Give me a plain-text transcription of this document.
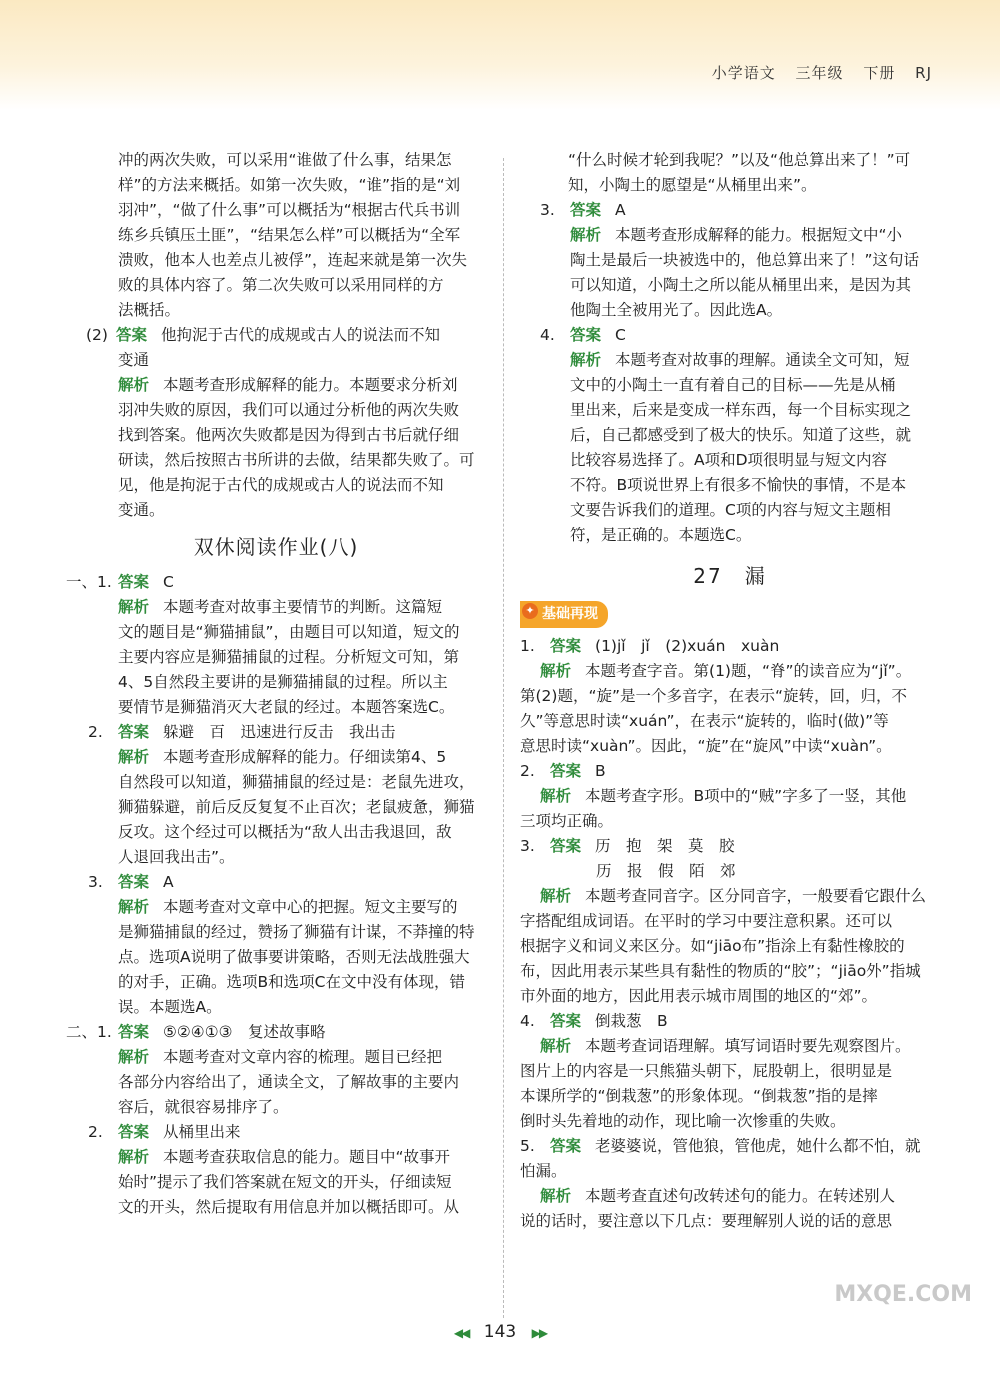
小学语文 三年级 下册 RJ
冲的两次失败，可以采用“谁做了什么事，结果怎
样”的方法来概括。如第一次失败，“谁”指的是“刘
羽冲”，“做了什么事”可以概括为“根据古代兵书训
练乡兵镇压土匪”，“结果怎么样”可以概括为“全军
溃败，他本人也差点儿被俘”，连起来就是第一次失
败的具体内容了。第二次失败可以采用同样的方
法概括。
(2) 答案 他拘泥于古代的成规或古人的说法而不知
变通
解析 本题考查形成解释的能力。本题要求分析刘
羽冲失败的原因，我们可以通过分析他的两次失败
找到答案。他两次失败都是因为得到古书后就仔细
研读，然后按照古书所讲的去做，结果都失败了。可
见，他是拘泥于古代的成规或古人的说法而不知
变通。
双休阅读作业(八)
一、1. 答案 C
解析 本题考查对故事主要情节的判断。这篇短
文的题目是“狮猫捕鼠”，由题目可以知道，短文的
主要内容应是狮猫捕鼠的过程。分析短文可知，第
4、5自然段主要讲的是狮猫捕鼠的过程。所以主
要情节是狮猫消灭大老鼠的经过。本题答案选C。
2. 答案 躲避　百　迅速进行反击　我出击
解析 本题考查形成解释的能力。仔细读第4、5
自然段可以知道，狮猫捕鼠的经过是：老鼠先进攻，
狮猫躲避，前后反反复复不止百次；老鼠疲惫，狮猫
反攻。这个经过可以概括为“敌人出击我退回，敌
人退回我出击”。
3. 答案 A
解析 本题考查对文章中心的把握。短文主要写的
是狮猫捕鼠的经过，赞扬了狮猫有计谋，不莽撞的特
点。选项A说明了做事要讲策略，否则无法战胜强大
的对手，正确。选项B和选项C在文中没有体现，错
误。本题选A。
二、1. 答案 ⑤②④①③　复述故事略
解析 本题考查对文章内容的梳理。题目已经把
各部分内容给出了，通读全文，了解故事的主要内
容后，就很容易排序了。
2. 答案 从桶里出来
解析 本题考查获取信息的能力。题目中“故事开
始时”提示了我们答案就在短文的开头，仔细读短
文的开头，然后提取有用信息并加以概括即可。从
“什么时候才轮到我呢？”以及“他总算出来了！”可
知，小陶土的愿望是“从桶里出来”。
3. 答案 A
解析 本题考查形成解释的能力。根据短文中“小
陶土是最后一块被选中的，他总算出来了！”这句话
可以知道，小陶土之所以能从桶里出来，是因为其
他陶土全被用光了。因此选A。
4. 答案 C
解析 本题考查对故事的理解。通读全文可知，短
文中的小陶土一直有着自己的目标——先是从桶
里出来，后来是变成一样东西，每一个目标实现之
后，自己都感受到了极大的快乐。知道了这些，就
比较容易选择了。A项和D项很明显与短文内容
不符。B项说世界上有很多不愉快的事情，不是本
文要告诉我们的道理。C项的内容与短文主题相
符，是正确的。本题选C。
27　漏
✦ 基础再现
1. 答案 (1)jǐ　jǐ　(2)xuán　xuàn
解析 本题考查字音。第(1)题，“脊”的读音应为“jǐ”。
第(2)题，“旋”是一个多音字，在表示“旋转，回，归，不
久”等意思时读“xuán”，在表示“旋转的，临时(做)”等
意思时读“xuàn”。因此，“旋”在“旋风”中读“xuàn”。
2. 答案 B
解析 本题考查字形。B项中的“贼”字多了一竖，其他
三项均正确。
3. 答案 历　抱　架　莫　胶
历　报　假　陌　郊
解析 本题考查同音字。区分同音字，一般要看它跟什么
字搭配组成词语。在平时的学习中要注意积累。还可以
根据字义和词义来区分。如“jiāo布”指涂上有黏性橡胶的
布，因此用表示某些具有黏性的物质的“胶”；“jiāo外”指城
市外面的地方，因此用表示城市周围的地区的“郊”。
4. 答案 倒栽葱　B
解析 本题考查词语理解。填写词语时要先观察图片。
图片上的内容是一只熊猫头朝下，屁股朝上，很明显是
本课所学的“倒栽葱”的形象体现。“倒栽葱”指的是摔
倒时头先着地的动作，现比喻一次惨重的失败。
5. 答案 老婆婆说，管他狼，管他虎，她什么都不怕，就
怕漏。
解析 本题考查直述句改转述句的能力。在转述别人
说的话时，要注意以下几点：要理解别人说的话的意思
◀◀ 143 ▶▶
MXQE.COM
